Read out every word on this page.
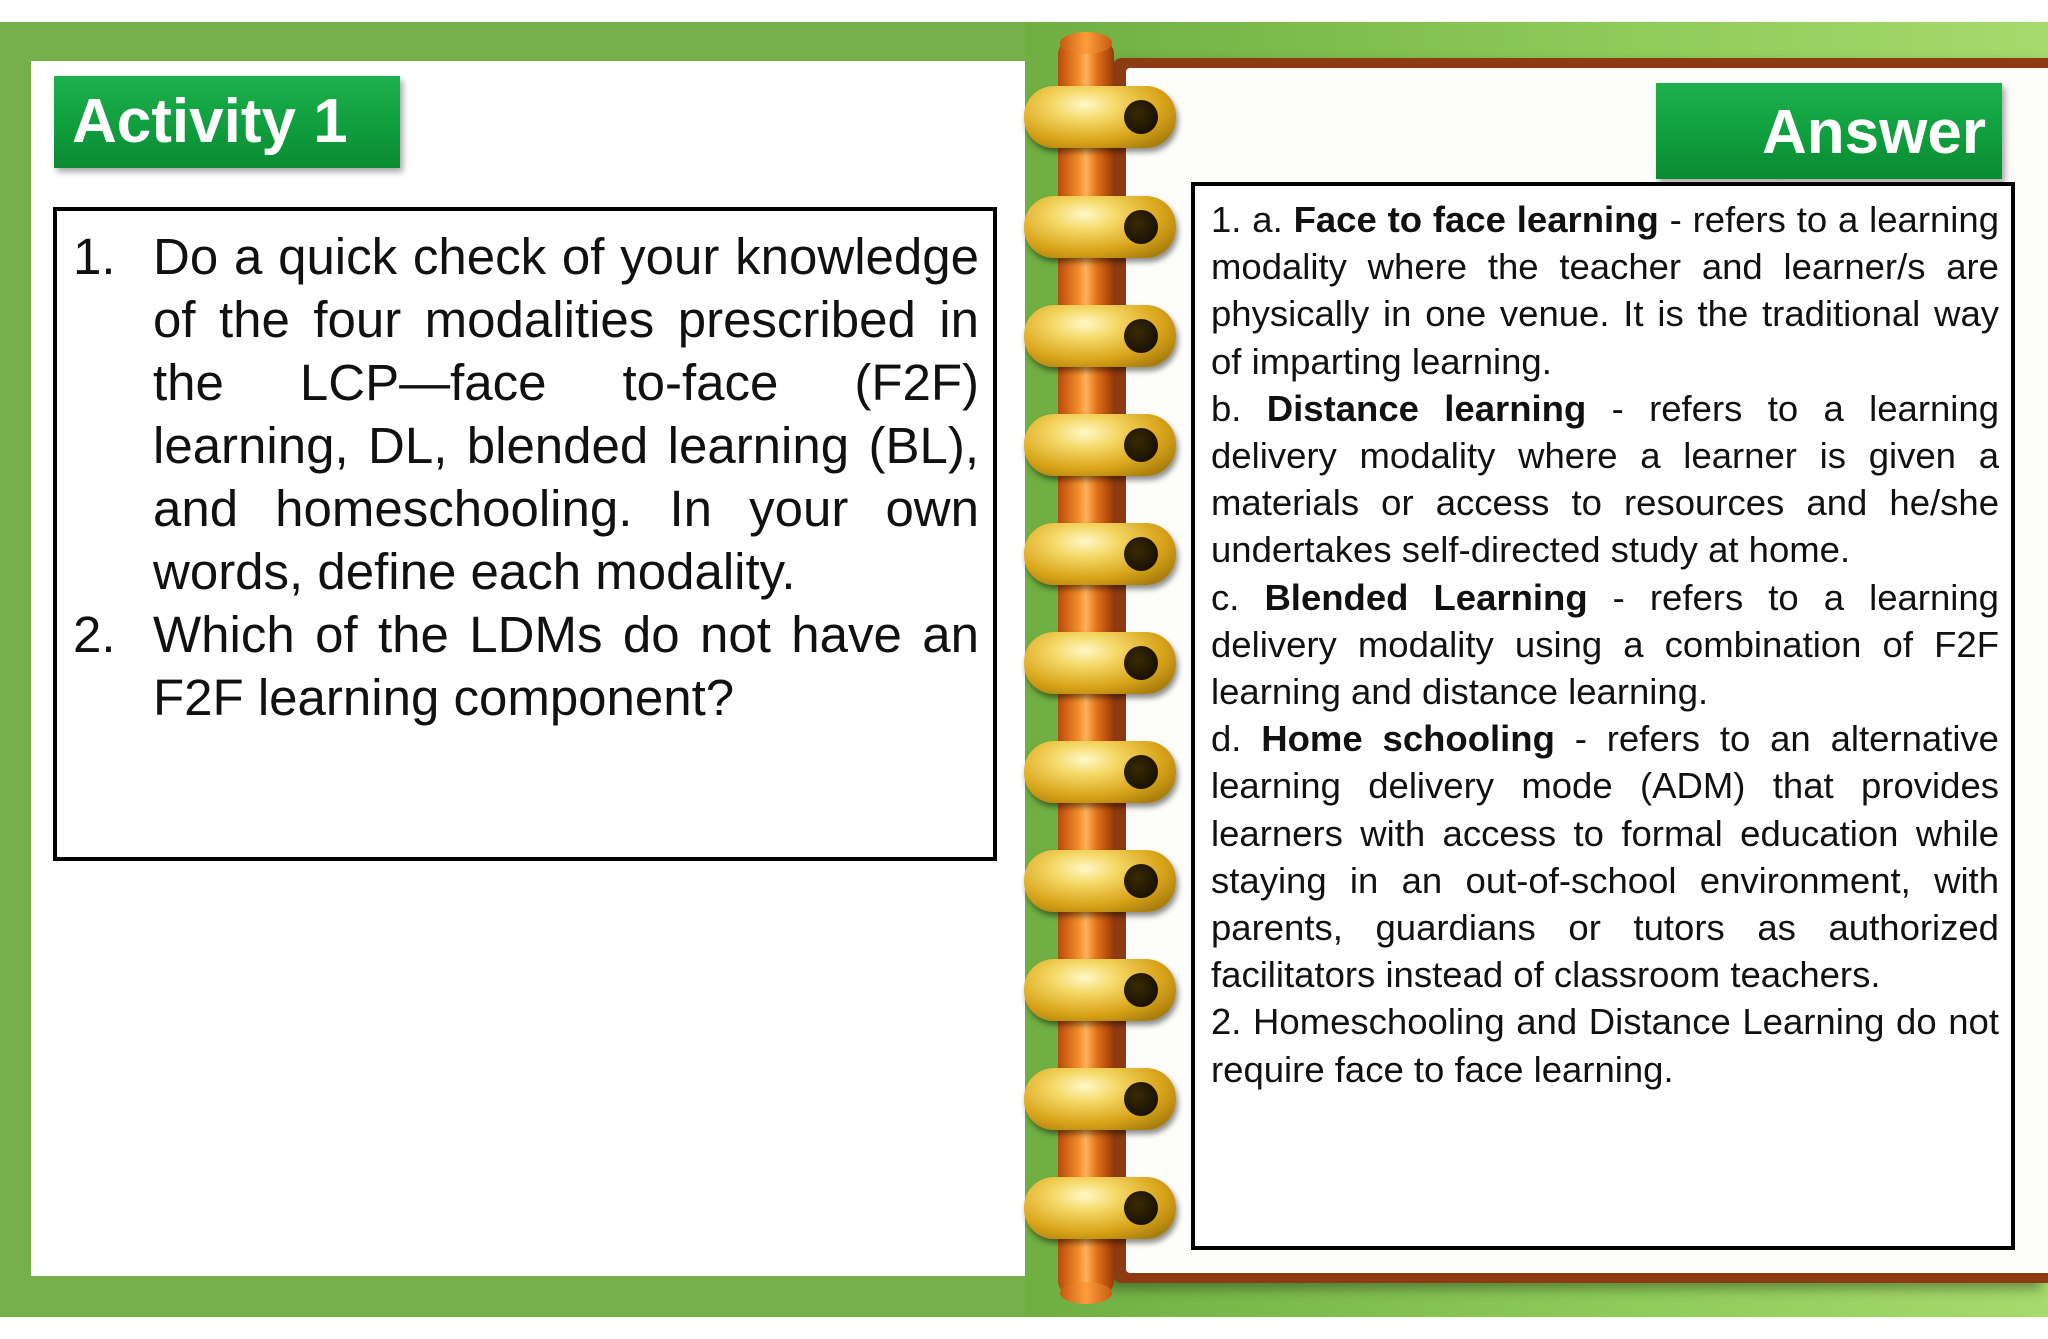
Activity 1	Answer
1. Do a quick check of your knowledge of the four modalities prescribed in the LCP—face to-face (F2F) learning, DL, blended learning (BL), and homeschooling. In your own words, define each modality.
2. Which of the LDMs do not have an F2F learning component?

1. a. Face to face learning - refers to a learning modality where the teacher and learner/s are physically in one venue. It is the traditional way of imparting learning.

b. Distance learning - refers to a learning delivery modality where a learner is given a materials or access to resources and he/she undertakes self-directed study at home.

c. Blended Learning - refers to a learning delivery modality using a combination of F2F learning and distance learning.

d. Home schooling - refers to an alternative learning delivery mode (ADM) that provides learners with access to formal education while staying in an out-of-school environment, with parents, guardians or tutors as authorized facilitators instead of classroom teachers.

2. Homeschooling and Distance Learning do not require face to face learning.
